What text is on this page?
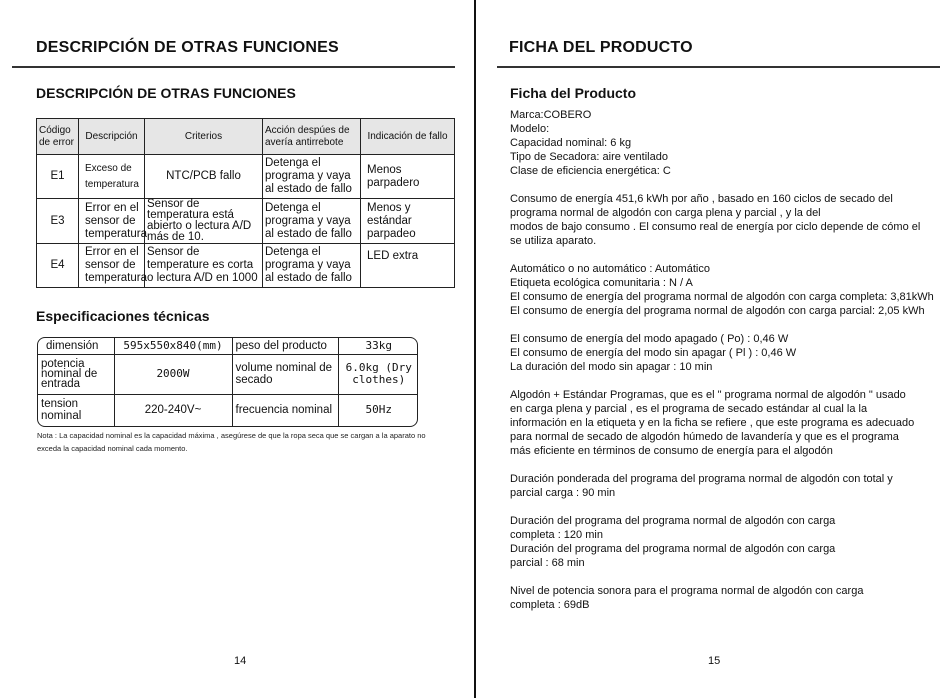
DESCRIPCIÓN DE OTRAS FUNCIONES
DESCRIPCIÓN DE OTRAS FUNCIONES
Código de error	Descripción	Criterios	Acción despúes de avería antirrebote	Indicación de fallo
E1	Exceso de temperatura	NTC/PCB fallo	Detenga el programa y vaya al estado de fallo	Menos parpadero
E3	Error en el sensor de temperatura	Sensor de temperatura está abierto o lectura A/D más de 10.	Detenga el programa y vaya al estado de fallo	Menos y estándar parpadeo
E4	Error en el sensor de temperatura	Sensor de temperature es corta o lectura A/D en 1000	Detenga el programa y vaya al estado de fallo	LED extra
Especificaciones técnicas
dimensión	595x550x840(mm)	peso del producto	33kg
potencia nominal de entrada	2000W	volume nominal de secado	6.0kg (Dry clothes)
tension nominal	220-240V~	frecuencia nominal	50Hz
Nota : La capacidad nominal es la capacidad máxima , asegúrese de que la ropa seca que se cargan a la aparato no exceda la capacidad nominal cada momento.
14
FICHA DEL PRODUCTO
Ficha del Producto
15
Marca:COBERO
Modelo:
Capacidad nominal: 6 kg
Tipo de Secadora: aire ventilado
Clase de eficiencia energética: C
Consumo de energía 451,6 kWh por año , basado en 160 ciclos de secado del
programa normal de algodón con carga plena y parcial , y la del
modos de bajo consumo . El consumo real de energía por ciclo depende de cómo el
se utiliza aparato.
Automático o no automático : Automático
Etiqueta ecológica comunitaria : N / A
El consumo de energía del programa normal de algodón con carga completa: 3,81kWh
El consumo de energía del programa normal de algodón con carga parcial: 2,05 kWh
El consumo de energía del modo apagado ( Po) : 0,46 W
El consumo de energía del modo sin apagar ( Pl ) : 0,46 W
La duración del modo sin apagar : 10 min
Algodón + Estándar Programas, que es el " programa normal de algodón " usado
en carga plena y parcial , es el programa de secado estándar al cual la la
información en la etiqueta y en la ficha se refiere , que este programa es adecuado
para normal de secado de algodón húmedo de lavandería y que es el programa
más eficiente en términos de consumo de energía para el algodón
Duración ponderada del programa del programa normal de algodón con total y
parcial carga : 90 min
Duración del programa del programa normal de algodón con carga
completa : 120 min
Duración del programa del programa normal de algodón con carga
parcial : 68 min
Nivel de potencia sonora para el programa normal de algodón con carga
completa : 69dB
